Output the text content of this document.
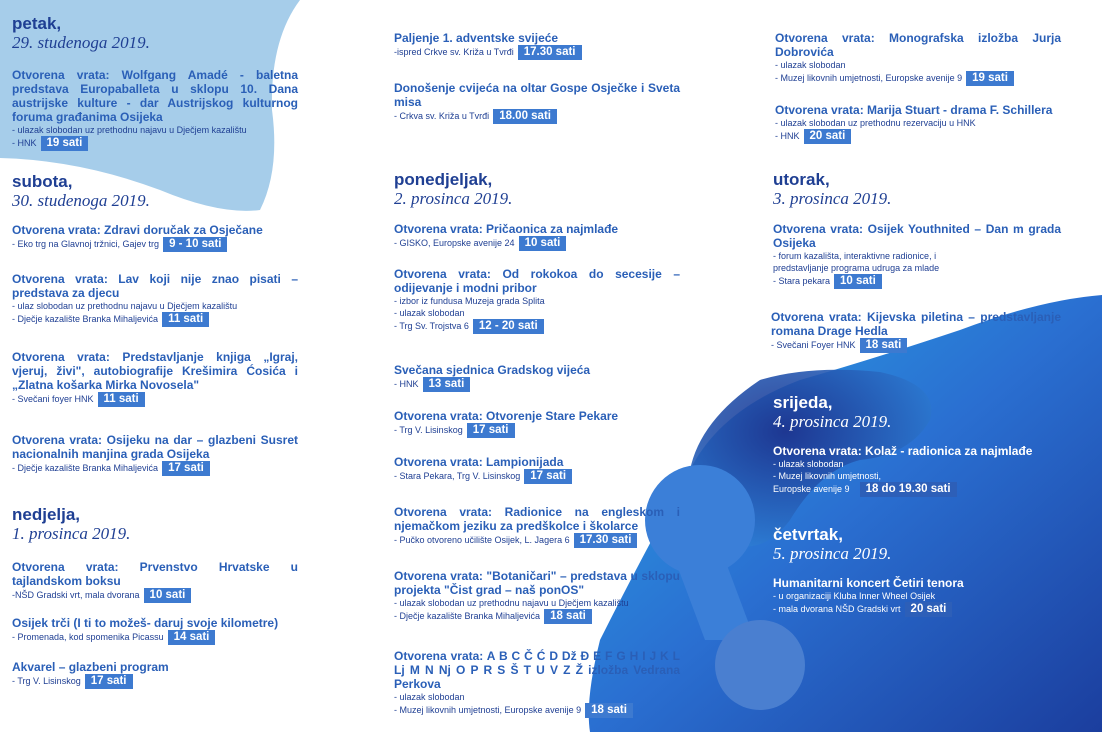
petak,
29. studenoga 2019.
Otvorena vrata: Wolfgang Amadé - baletna predstava Europaballeta u sklopu 10. Dana austrijske kulture - dar Austrijskog kulturnog foruma građanima Osijeka
- ulazak slobodan uz prethodnu najavu u Dječjem kazalištu
- HNK 19 sati
subota,
30. studenoga 2019.
Otvorena vrata: Zdravi doručak za Osječane
- Eko trg na Glavnoj tržnici, Gajev trg 9 - 10 sati
Otvorena vrata: Lav koji nije znao pisati – predstava za djecu
- ulaz slobodan uz prethodnu najavu u Dječjem kazalištu
- Dječje kazalište Branka Mihaljevića 11 sati
Otvorena vrata: Predstavljanje knjiga „Igraj, vjeruj, živi", autobiografije Krešimira Ćosića i „Zlatna košarka Mirka Novosela"
- Svečani foyer HNK 11 sati
Otvorena vrata: Osijeku na dar – glazbeni Susret nacionalnih manjina grada Osijeka
- Dječje kazalište Branka Mihaljevića 17 sati
nedjelja,
1. prosinca 2019.
Otvorena vrata: Prvenstvo Hrvatske u tajlandskom boksu
-NŠD Gradski vrt, mala dvorana 10 sati
Osijek trči (I ti to možeš- daruj svoje kilometre)
- Promenada, kod spomenika Picassu 14 sati
Akvarel – glazbeni program
- Trg V. Lisinskog 17 sati
Paljenje 1. adventske svijeće
-ispred Crkve sv. Križa u Tvrđi 17.30 sati
Donošenje cvijeća na oltar Gospe Osječke i Sveta misa
- Crkva sv. Križa u Tvrđi 18.00 sati
ponedjeljak,
2. prosinca 2019.
Otvorena vrata: Pričaonica za najmlađe
- GISKO, Europske avenije 24 10 sati
Otvorena vrata: Od rokokoa do secesije – odijevanje i modni pribor
- izbor iz fundusa Muzeja grada Splita
- ulazak slobodan
- Trg Sv. Trojstva 6 12 - 20 sati
Svečana sjednica Gradskog vijeća
- HNK 13 sati
Otvorena vrata: Otvorenje Stare Pekare
- Trg V. Lisinskog 17 sati
Otvorena vrata: Lampionijada
- Stara Pekara, Trg V. Lisinskog 17 sati
Otvorena vrata: Radionice na engleskom i njemačkom jeziku za predškolce i školarce
- Pučko otvoreno učilište Osijek, L. Jagera 6 17.30 sati
Otvorena vrata: "Botaničari" – predstava u sklopu projekta "Čist grad – naš ponOS"
- ulazak slobodan uz prethodnu najavu u Dječjem kazalištu
- Dječje kazalište Branka Mihaljevića 18 sati
Otvorena vrata: A B C Č Ć D Dž Đ E F G H I J K L Lj M N Nj O P R S Š T U V Z Ž izložba Vedrana Perkova
- ulazak slobodan
- Muzej likovnih umjetnosti, Europske avenije 9 18 sati
Otvorena vrata: Monografska izložba Jurja Dobrovića
- ulazak slobodan
- Muzej likovnih umjetnosti, Europske avenije 9 19 sati
Otvorena vrata: Marija Stuart - drama F. Schillera
- ulazak slobodan uz prethodnu rezervaciju u HNK
- HNK 20 sati
utorak,
3. prosinca 2019.
Otvorena vrata: Osijek Youthnited – Dan m grada Osijeka
- forum kazališta, interaktivne radionice, i
predstavljanje programa udruga za mlade
- Stara pekara 10 sati
Otvorena vrata: Kijevska piletina – predstavljanje romana Drage Hedla
- Svečani Foyer HNK 18 sati
srijeda,
4. prosinca 2019.
Otvorena vrata: Kolaž - radionica za najmlađe
- ulazak slobodan
- Muzej likovnih umjetnosti,
Europske avenije 9 18 do 19.30 sati
četvrtak,
5. prosinca 2019.
Humanitarni koncert Četiri tenora
- u organizaciji Kluba Inner Wheel Osijek
- mala dvorana NŠD Gradski vrt 20 sati
